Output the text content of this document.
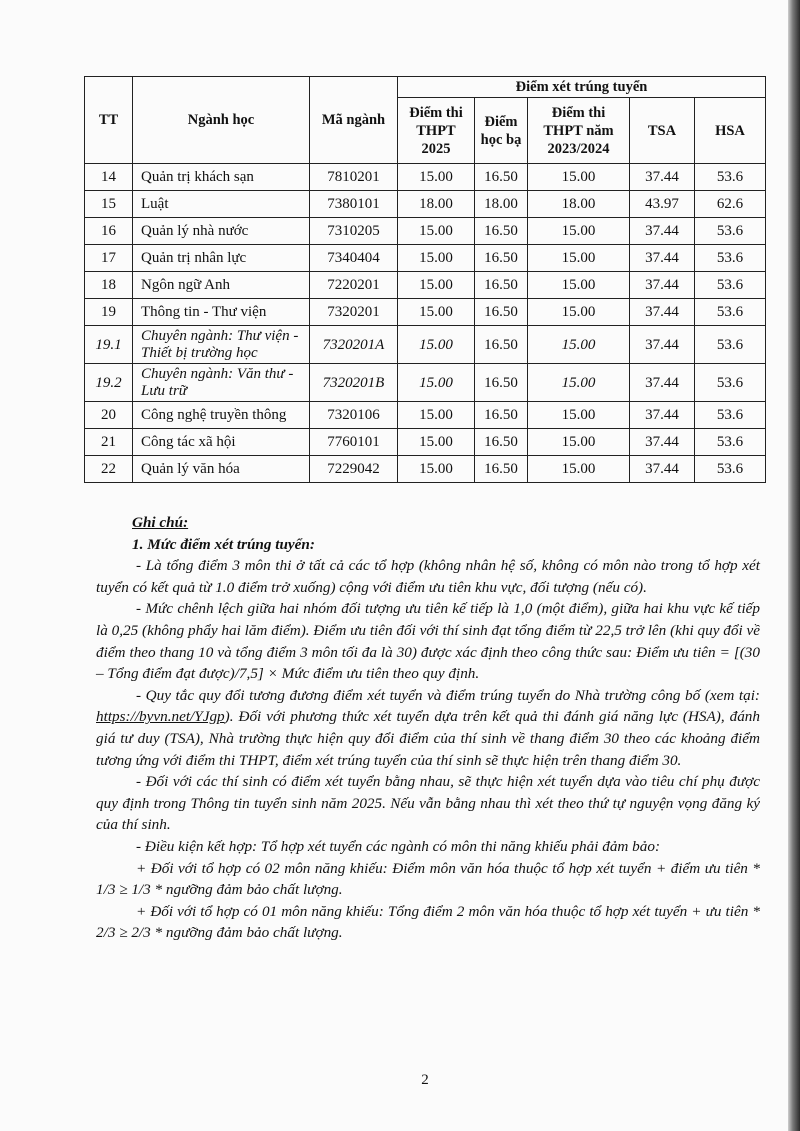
TT	Ngành học	Mã ngành	Điểm xét trúng tuyển				
			Điểm thi THPT 2025	Điểm học bạ	Điểm thi THPT năm 2023/2024	TSA	HSA
14	Quản trị khách sạn	7810201	15.00	16.50	15.00	37.44	53.6
15	Luật	7380101	18.00	18.00	18.00	43.97	62.6
16	Quản lý nhà nước	7310205	15.00	16.50	15.00	37.44	53.6
17	Quản trị nhân lực	7340404	15.00	16.50	15.00	37.44	53.6
18	Ngôn ngữ Anh	7220201	15.00	16.50	15.00	37.44	53.6
19	Thông tin - Thư viện	7320201	15.00	16.50	15.00	37.44	53.6
19.1	Chuyên ngành: Thư viện - Thiết bị trường học	7320201A	15.00	16.50	15.00	37.44	53.6
19.2	Chuyên ngành: Văn thư - Lưu trữ	7320201B	15.00	16.50	15.00	37.44	53.6
20	Công nghệ truyền thông	7320106	15.00	16.50	15.00	37.44	53.6
21	Công tác xã hội	7760101	15.00	16.50	15.00	37.44	53.6
22	Quản lý văn hóa	7229042	15.00	16.50	15.00	37.44	53.6

Ghi chú:

1. Mức điểm xét trúng tuyển:

- Là tổng điểm 3 môn thi ở tất cả các tổ hợp (không nhân hệ số, không có môn nào trong tổ hợp xét tuyển có kết quả từ 1.0 điểm trở xuống) cộng với điểm ưu tiên khu vực, đối tượng (nếu có).

- Mức chênh lệch giữa hai nhóm đối tượng ưu tiên kế tiếp là 1,0 (một điểm), giữa hai khu vực kế tiếp là 0,25 (không phẩy hai lăm điểm). Điểm ưu tiên đối với thí sinh đạt tổng điểm từ 22,5 trở lên (khi quy đổi về điểm theo thang 10 và tổng điểm 3 môn tối đa là 30) được xác định theo công thức sau: Điểm ưu tiên = [(30 – Tổng điểm đạt được)/7,5] × Mức điểm ưu tiên theo quy định.

- Quy tắc quy đổi tương đương điểm xét tuyển và điểm trúng tuyển do Nhà trường công bố (xem tại: https://byvn.net/YJgp). Đối với phương thức xét tuyển dựa trên kết quả thi đánh giá năng lực (HSA), đánh giá tư duy (TSA), Nhà trường thực hiện quy đổi điểm của thí sinh về thang điểm 30 theo các khoảng điểm tương ứng với điểm thi THPT, điểm xét trúng tuyển của thí sinh sẽ thực hiện trên thang điểm 30.

- Đối với các thí sinh có điểm xét tuyển bằng nhau, sẽ thực hiện xét tuyển dựa vào tiêu chí phụ được quy định trong Thông tin tuyển sinh năm 2025. Nếu vẫn bằng nhau thì xét theo thứ tự nguyện vọng đăng ký của thí sinh.

- Điều kiện kết hợp: Tổ hợp xét tuyển các ngành có môn thi năng khiếu phải đảm bảo:

+ Đối với tổ hợp có 02 môn năng khiếu: Điểm môn văn hóa thuộc tổ hợp xét tuyển + điểm ưu tiên * 1/3 ≥ 1/3 * ngưỡng đảm bảo chất lượng.

+ Đối với tổ hợp có 01 môn năng khiếu: Tổng điểm 2 môn văn hóa thuộc tổ hợp xét tuyển + ưu tiên * 2/3 ≥ 2/3 * ngưỡng đảm bảo chất lượng.

2
